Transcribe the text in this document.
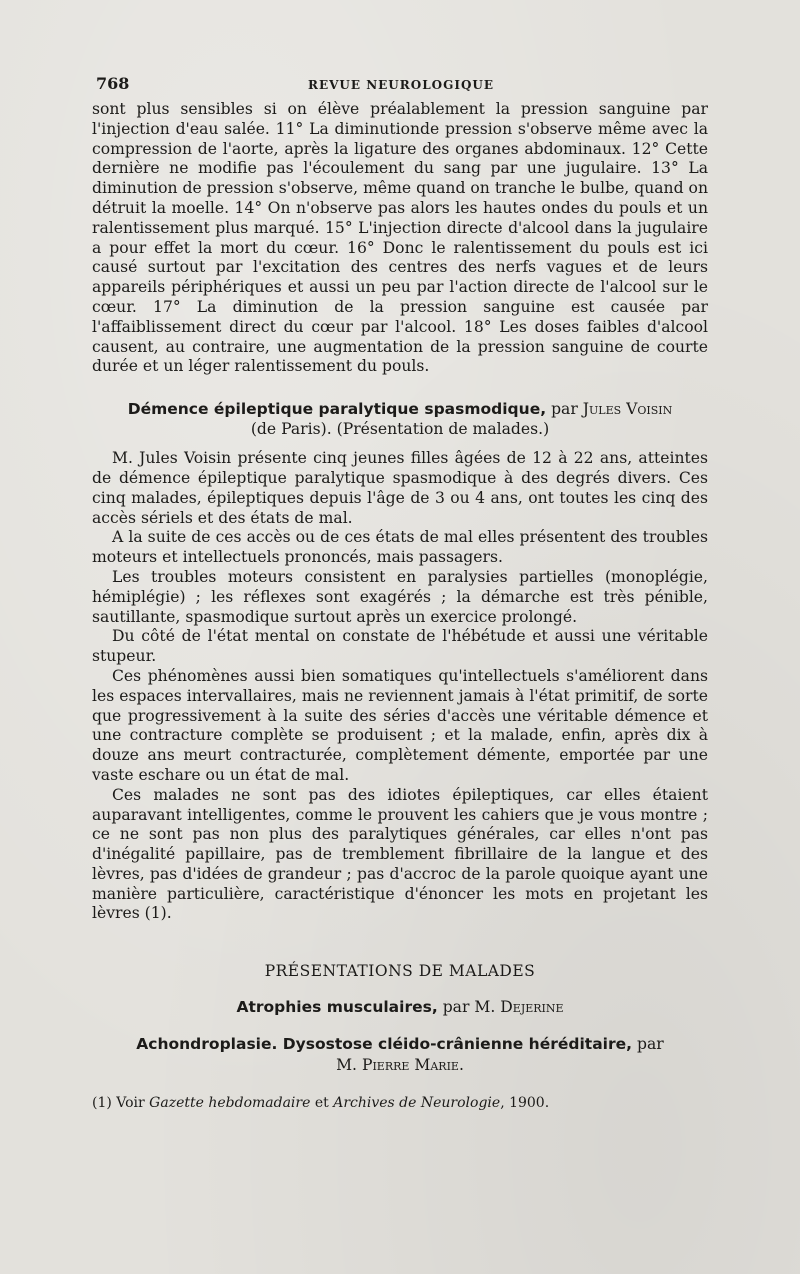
768	REVUE NEUROLOGIQUE

sont plus sensibles si on élève préalablement la pression sanguine par l'injection d'eau salée. 11° La diminutionde pression s'observe même avec la compression de l'aorte, après la ligature des organes abdominaux. 12° Cette dernière ne modifie pas l'écoulement du sang par une jugulaire. 13° La diminution de pression s'observe, même quand on tranche le bulbe, quand on détruit la moelle. 14° On n'observe pas alors les hautes ondes du pouls et un ralentissement plus marqué. 15° L'injection directe d'alcool dans la jugulaire a pour effet la mort du cœur. 16° Donc le ralentissement du pouls est ici causé surtout par l'excitation des centres des nerfs vagues et de leurs appareils périphériques et aussi un peu par l'action directe de l'alcool sur le cœur. 17° La diminution de la pression sanguine est causée par l'affaiblissement direct du cœur par l'alcool. 18° Les doses faibles d'alcool causent, au contraire, une augmentation de la pression sanguine de courte durée et un léger ralentissement du pouls.

Démence épileptique paralytique spasmodique, par Jules Voisin
(de Paris). (Présentation de malades.)

M. Jules Voisin présente cinq jeunes filles âgées de 12 à 22 ans, atteintes de démence épileptique paralytique spasmodique à des degrés divers. Ces cinq malades, épileptiques depuis l'âge de 3 ou 4 ans, ont toutes les cinq des accès sériels et des états de mal.

A la suite de ces accès ou de ces états de mal elles présentent des troubles moteurs et intellectuels prononcés, mais passagers.

Les troubles moteurs consistent en paralysies partielles (monoplégie, hémiplégie) ; les réflexes sont exagérés ; la démarche est très pénible, sautillante, spasmodique surtout après un exercice prolongé.

Du côté de l'état mental on constate de l'hébétude et aussi une véritable stupeur.

Ces phénomènes aussi bien somatiques qu'intellectuels s'améliorent dans les espaces intervallaires, mais ne reviennent jamais à l'état primitif, de sorte que progressivement à la suite des séries d'accès une véritable démence et une contracture complète se produisent ; et la malade, enfin, après dix à douze ans meurt contracturée, complètement démente, emportée par une vaste eschare ou un état de mal.

Ces malades ne sont pas des idiotes épileptiques, car elles étaient auparavant intelligentes, comme le prouvent les cahiers que je vous montre ; ce ne sont pas non plus des paralytiques générales, car elles n'ont pas d'inégalité papillaire, pas de tremblement fibrillaire de la langue et des lèvres, pas d'idées de grandeur ; pas d'accroc de la parole quoique ayant une manière particulière, caractéristique d'énoncer les mots en projetant les lèvres (1).

PRÉSENTATIONS DE MALADES

Atrophies musculaires, par M. Dejerine

Achondroplasie. Dysostose cléido-crânienne héréditaire, par
M. Pierre Marie.

(1) Voir Gazette hebdomadaire et Archives de Neurologie, 1900.
